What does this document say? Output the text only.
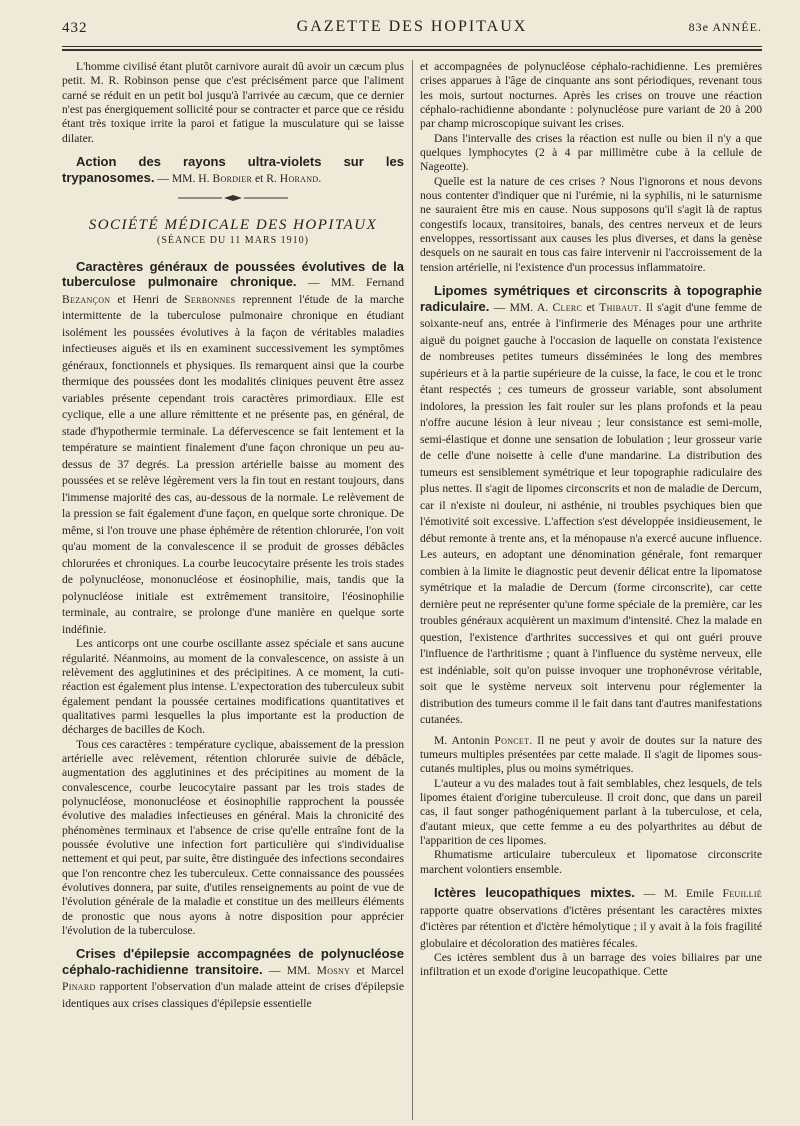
432	GAZETTE DES HOPITAUX	83e ANNÉE.

L'homme civilisé étant plutôt carnivore aurait dû avoir un cæcum plus petit. M. R. Robinson pense que c'est précisément parce que l'aliment carné se réduit en un petit bol jusqu'à l'arrivée au cæcum, que ce dernier n'est pas énergiquement sollicité pour se contracter et parce que ce résidu étant très toxique irrite la paroi et fatigue la musculature qui se laisse dilater.

Action des rayons ultra-violets sur les trypanosomes. — MM. H. Bordier et R. Horand.
SOCIÉTÉ MÉDICALE DES HOPITAUX
(SÉANCE DU 11 MARS 1910)
Caractères généraux de poussées évolutives de la tuberculose pulmonaire chronique. — MM. Fernand Bezançon et Henri de Serbonnes reprennent l'étude de la marche intermittente de la tuberculose pulmonaire chronique en étudiant isolément les poussées évolutives à la façon de véritables maladies infectieuses aiguës et ils en examinent successivement les symptômes généraux, fonctionnels et physiques. Ils remarquent ainsi que la courbe thermique des poussées dont les modalités cliniques peuvent être assez variables présente cependant trois caractères primordiaux. Elle est cyclique, elle a une allure rémittente et ne présente pas, en général, de stade d'hypothermie terminale. La défervescence se fait lentement et la température se maintient finalement d'une façon chronique un peu au-dessus de 37 degrés. La pression artérielle baisse au moment des poussées et se relève légèrement vers la fin tout en restant toujours, dans l'immense majorité des cas, au-dessous de la normale. Le relèvement de la pression se fait également d'une façon, en quelque sorte chronique. De même, si l'on trouve une phase éphémère de rétention chlorurée, l'on voit qu'au moment de la convalescence il se produit de grosses débâcles chlorurées et chroniques. La courbe leucocytaire présente les trois stades de polynucléose, mononucléose et éosinophilie, mais, tandis que la polynucléose initiale est extrêmement transitoire, l'éosinophilie terminale, au contraire, se prolonge d'une manière en quelque sorte indéfinie.

Les anticorps ont une courbe oscillante assez spéciale et sans aucune régularité. Néanmoins, au moment de la convalescence, on assiste à un relèvement des agglutinines et des précipitines. A ce moment, la cuti-réaction est également plus intense. L'expectoration des tuberculeux subit également pendant la poussée certaines modifications quantitatives et qualitatives parmi lesquelles la plus importante est la production de décharges de bacilles de Koch.

Tous ces caractères : température cyclique, abaissement de la pression artérielle avec relèvement, rétention chlorurée suivie de débâcle, augmentation des agglutinines et des précipitines au moment de la convalescence, courbe leucocytaire passant par les trois stades de polynucléose, mononucléose et éosinophilie rapprochent la poussée évolutive des maladies infectieuses en général. Mais la chronicité des phénomènes terminaux et l'absence de crise qu'elle entraîne font de la poussée évolutive une infection fort particulière qui s'individualise nettement et qui peut, par suite, être distinguée des infections secondaires que l'on rencontre chez les tuberculeux. Cette connaissance des poussées évolutives donnera, par suite, d'utiles renseignements au point de vue de l'évolution générale de la maladie et constitue un des meilleurs éléments de pronostic que nous ayons à notre disposition pour apprécier l'évolution de la tuberculose.

Crises d'épilepsie accompagnées de polynucléose céphalo-rachidienne transitoire. — MM. Mosny et Marcel Pinard rapportent l'observation d'un malade atteint de crises d'épilepsie identiques aux crises classiques d'épilepsie essentielle

et accompagnées de polynucléose céphalo-rachidienne. Les premières crises apparues à l'âge de cinquante ans sont périodiques, revenant tous les mois, surtout nocturnes. Après les crises on trouve une réaction céphalo-rachidienne abondante : polynucléose pure variant de 20 à 200 par champ microscopique suivant les crises.

Dans l'intervalle des crises la réaction est nulle ou bien il n'y a que quelques lymphocytes (2 à 4 par millimètre cube à la cellule de Nageotte).

Quelle est la nature de ces crises ? Nous l'ignorons et nous devons nous contenter d'indiquer que ni l'urémie, ni la syphilis, ni le saturnisme ne sauraient être mis en cause. Nous supposons qu'il s'agit là de raptus congestifs locaux, transitoires, banals, des centres nerveux et de leurs enveloppes, ressortissant aux causes les plus diverses, et dans la genèse desquels on ne saurait en tous cas faire intervenir ni l'accroissement de la tension artérielle, ni l'existence d'un processus inflammatoire.

Lipomes symétriques et circonscrits à topographie radiculaire. — MM. A. Clerc et Thibaut. Il s'agit d'une femme de soixante-neuf ans, entrée à l'infirmerie des Ménages pour une arthrite aiguë du poignet gauche à l'occasion de laquelle on constata l'existence de nombreuses petites tumeurs disséminées le long des membres supérieurs et à la partie supérieure de la cuisse, la face, le cou et le tronc étant respectés ; ces tumeurs de grosseur variable, sont absolument indolores, la pression les fait rouler sur les plans profonds et la peau n'offre aucune lésion à leur niveau ; leur consistance est semi-molle, semi-élastique et donne une sensation de lobulation ; leur grosseur varie de celle d'une noisette à celle d'une mandarine. La distribution des tumeurs est sensiblement symétrique et leur topographie radiculaire des plus nettes. Il s'agit de lipomes circonscrits et non de maladie de Dercum, car il n'existe ni douleur, ni asthénie, ni troubles psychiques bien que l'émotivité soit excessive. L'affection s'est développée insidieusement, le début remonte à trente ans, et la ménopause n'a exercé aucune influence. Les auteurs, en adoptant une dénomination générale, font remarquer combien à la limite le diagnostic peut devenir délicat entre la lipomatose symétrique et la maladie de Dercum (forme circonscrite), car cette dernière peut ne représenter qu'une forme spéciale de la première, car les troubles généraux acquièrent un maximum d'intensité. Chez la malade en question, l'existence d'arthrites successives et qui ont guéri prouve l'influence de l'arthritisme ; quant à l'influence du système nerveux, elle est indéniable, soit qu'on puisse invoquer une trophonévrose véritable, soit que le système nerveux soit intervenu pour réglementer la distribution des tumeurs comme il le fait dans tant d'autres manifestations cutanées.

M. Antonin Poncet. Il ne peut y avoir de doutes sur la nature des tumeurs multiples présentées par cette malade. Il s'agit de lipomes sous-cutanés multiples, plus ou moins symétriques.

L'auteur a vu des malades tout à fait semblables, chez lesquels, de tels lipomes étaient d'origine tuberculeuse. Il croit donc, que dans un pareil cas, il faut songer pathogéniquement parlant à la tuberculose, et cela, d'autant mieux, que cette femme a eu des polyarthrites au début de l'apparition de ces lipomes.

Rhumatisme articulaire tuberculeux et lipomatose circonscrite marchent volontiers ensemble.

Ictères leucopathiques mixtes. — M. Emile Feuillié rapporte quatre observations d'ictères présentant les caractères mixtes d'ictères par rétention et d'ictère hémolytique ; il y avait à la fois fragilité globulaire et décoloration des matières fécales.

Ces ictères semblent dus à un barrage des voies biliaires par une infiltration et un exode d'origine leucopathique. Cette
